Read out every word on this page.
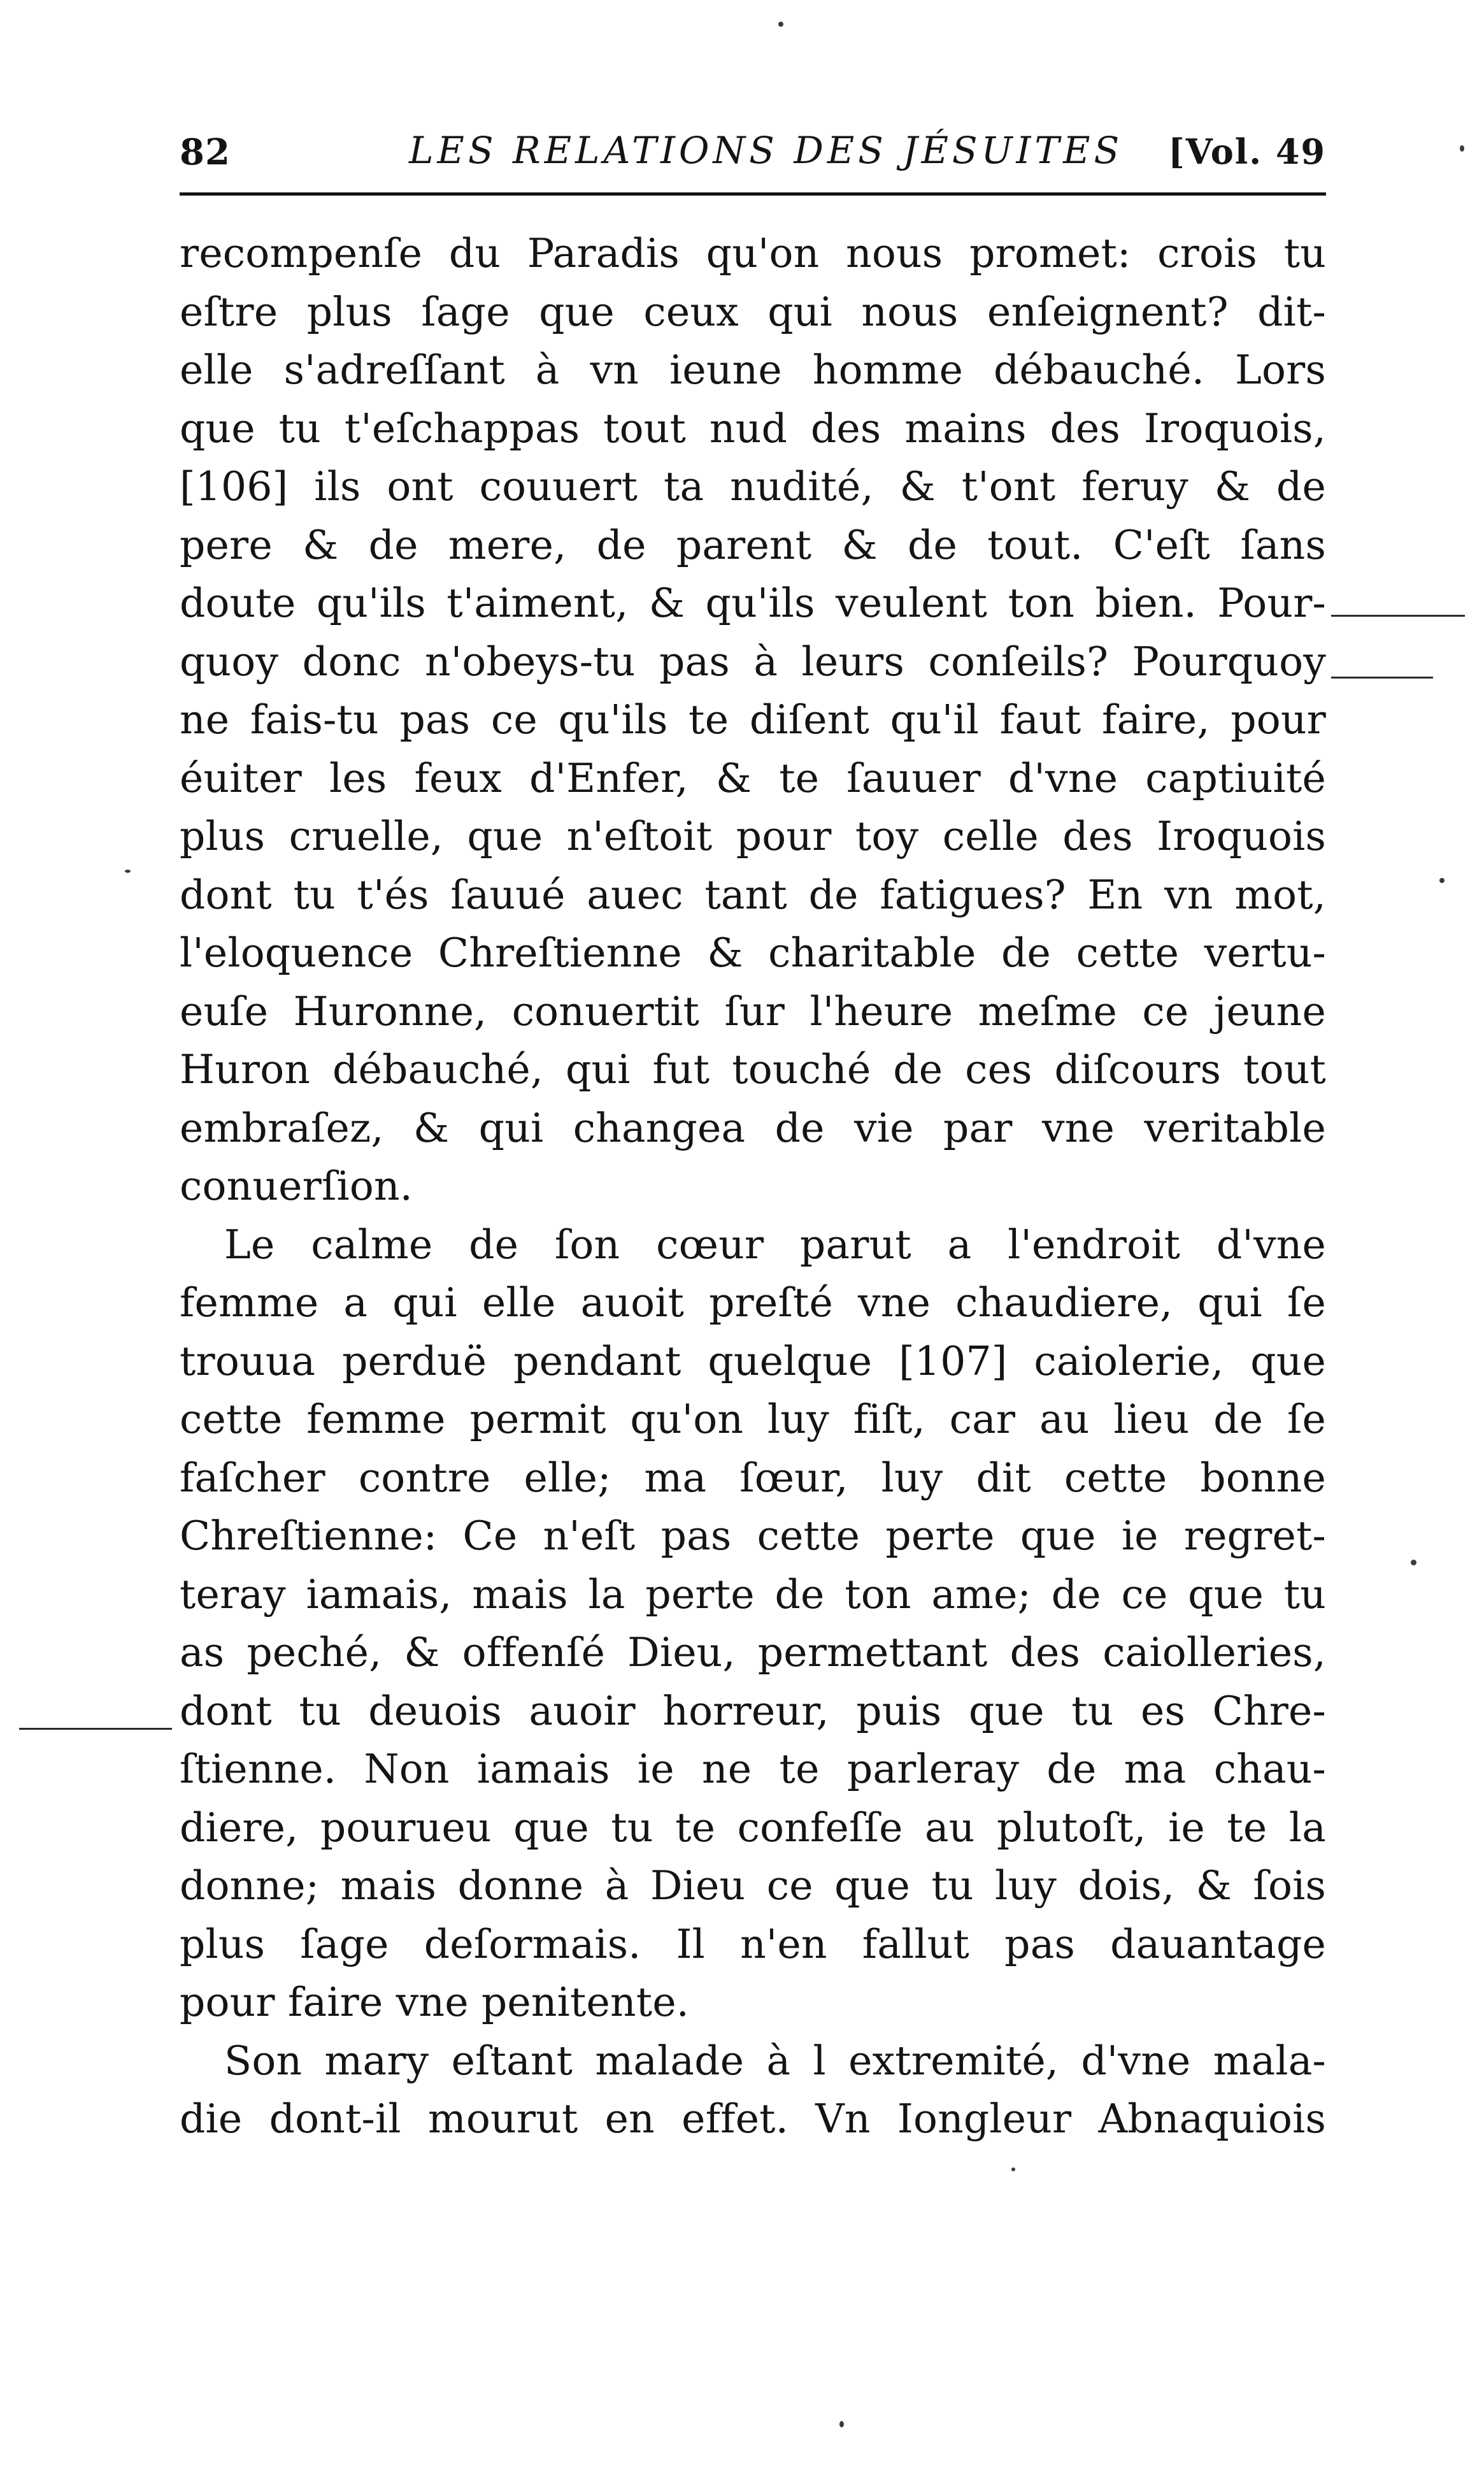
82	LES RELATIONS DES JÉSUITES [Vol. 49
recompenſe du Paradis qu'on nous promet: crois tu
eſtre plus ſage que ceux qui nous enſeignent? dit-
elle s'adreſſant à vn ieune homme débauché. Lors
que tu t'eſchappas tout nud des mains des Iroquois,
[106] ils ont couuert ta nudité, & t'ont feruy & de
pere & de mere, de parent & de tout. C'eſt ſans
doute qu'ils t'aiment, & qu'ils veulent ton bien. Pour-
quoy donc n'obeys-tu pas à leurs conſeils? Pourquoy
ne fais-tu pas ce qu'ils te diſent qu'il faut faire, pour
éuiter les feux d'Enfer, & te ſauuer d'vne captiuité
plus cruelle, que n'eſtoit pour toy celle des Iroquois
dont tu t'és ſauué auec tant de fatigues? En vn mot,
l'eloquence Chreſtienne & charitable de cette vertu-
euſe Huronne, conuertit ſur l'heure meſme ce jeune
Huron débauché, qui fut touché de ces diſcours tout
embraſez, & qui changea de vie par vne veritable
conuerſion.
Le calme de ſon cœur parut a l'endroit d'vne
femme a qui elle auoit preſté vne chaudiere, qui ſe
trouua perduë pendant quelque [107] caiolerie, que
cette femme permit qu'on luy fiſt, car au lieu de ſe
faſcher contre elle; ma ſœur, luy dit cette bonne
Chreſtienne: Ce n'eſt pas cette perte que ie regret-
teray iamais, mais la perte de ton ame; de ce que tu
as peché, & offenſé Dieu, permettant des caiolleries,
dont tu deuois auoir horreur, puis que tu es Chre-
ſtienne. Non iamais ie ne te parleray de ma chau-
diere, pourueu que tu te confeſſe au plutoſt, ie te la
donne; mais donne à Dieu ce que tu luy dois, & ſois
plus ſage deſormais. Il n'en fallut pas dauantage
pour faire vne penitente.
Son mary eſtant malade à l extremité, d'vne mala-
die dont-il mourut en effet. Vn Iongleur Abnaquiois
